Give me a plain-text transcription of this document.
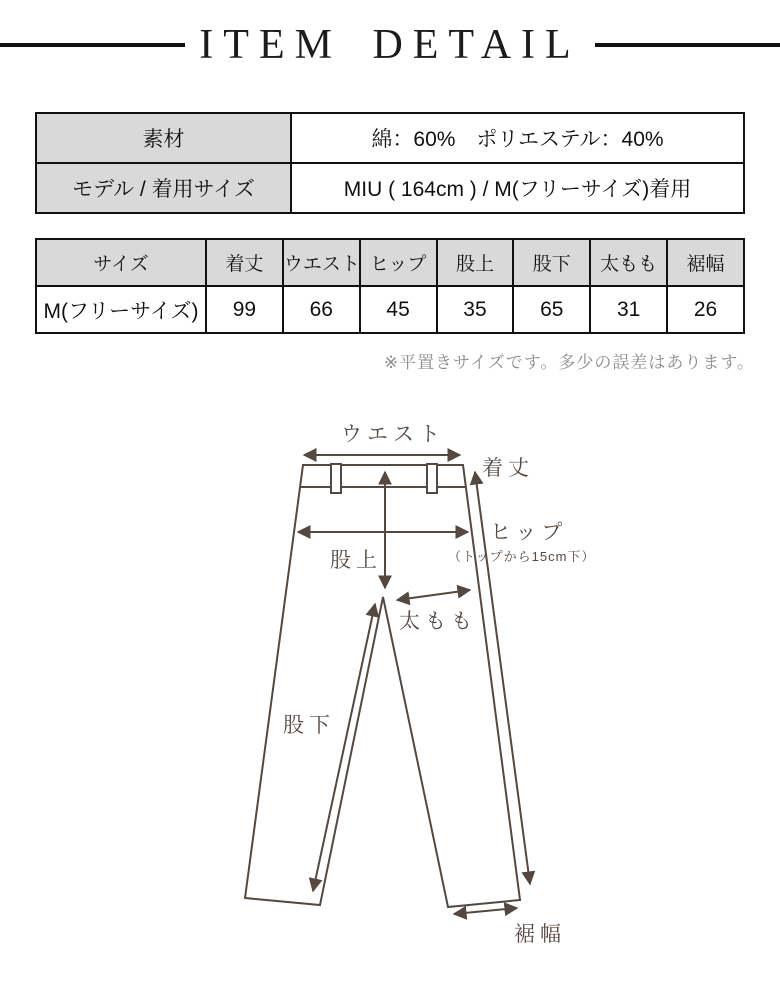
ITEM DETAIL
素材	綿：60%　ポリエステル：40%
モデル / 着用サイズ	MIU ( 164cm ) / M(フリーサイズ)着用
サイズ	着丈	ウエスト	ヒップ	股上	股下	太もも	裾幅
M(フリーサイズ)	99	66	45	35	65	31	26
※平置きサイズです。多少の誤差はあります。
ウエスト
着丈
ヒップ
（トップから15cm下）
股上
太もも
股下
裾幅
